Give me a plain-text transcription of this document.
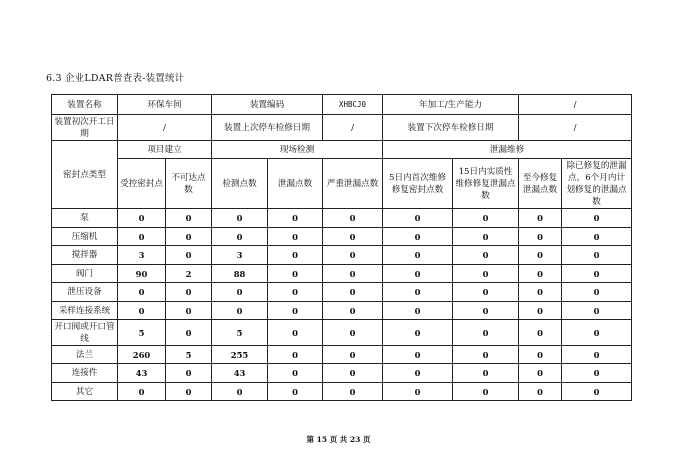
6.3 企业LDAR普查表-装置统计
装置名称	环保车间		装置编码		XHBCJ0	年加工/生产能力		/	
装置初次开工日期	/		装置上次停车检修日期		/	装置下次停车检修日期		/	
密封点类型	项目建立		现场检测			泄漏维修			
	受控密封点	不可达点数	检测点数	泄漏点数	严重泄漏点数	5日内首次维修修复密封点数	15日内实质性维修修复泄漏点数	至今修复泄漏点数	除已修复的泄漏点，6个月内计划修复的泄漏点数
泵	0	0	0	0	0	0	0	0	0
压缩机	0	0	0	0	0	0	0	0	0
搅拌器	3	0	3	0	0	0	0	0	0
阀门	90	2	88	0	0	0	0	0	0
泄压设备	0	0	0	0	0	0	0	0	0
采样连接系统	0	0	0	0	0	0	0	0	0
开口阀或开口管线	5	0	5	0	0	0	0	0	0
法兰	260	5	255	0	0	0	0	0	0
连接件	43	0	43	0	0	0	0	0	0
其它	0	0	0	0	0	0	0	0	0
第 15 页 共 23 页
